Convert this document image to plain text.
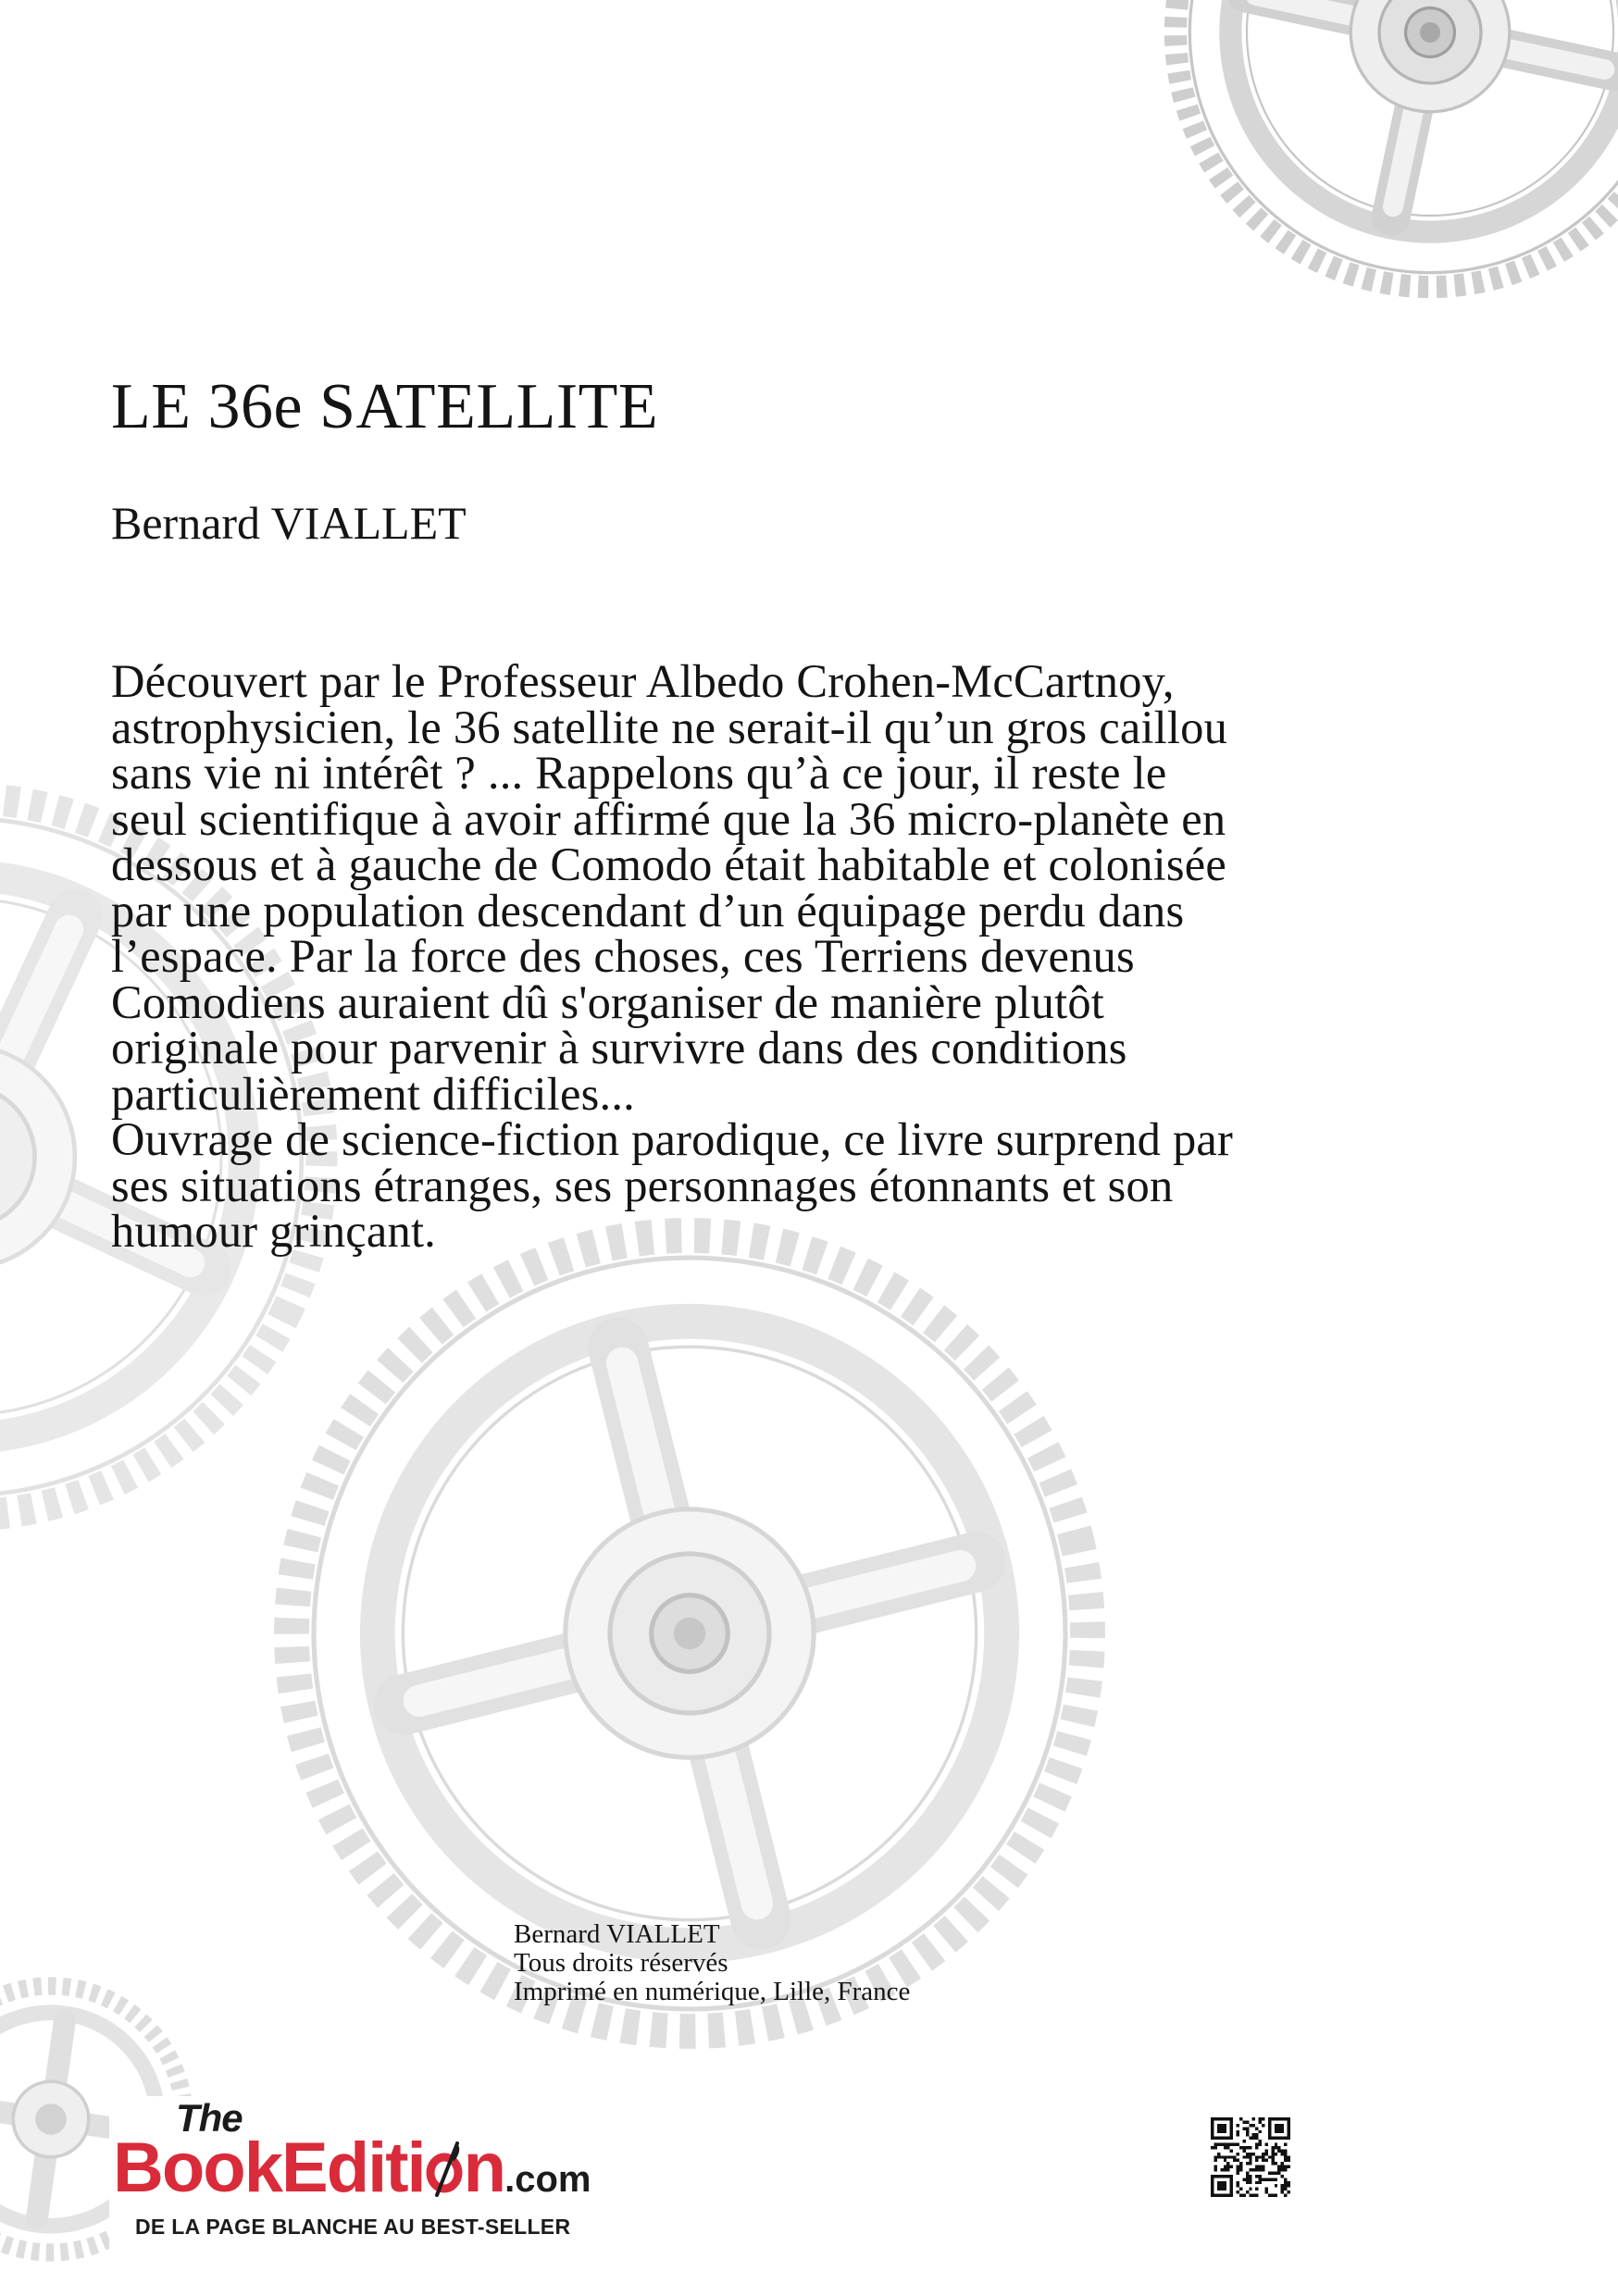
LE 36e SATELLITE
Bernard VIALLET

Découvert par le Professeur Albedo Crohen-McCartnoy, astrophysicien, le 36 satellite ne serait-il qu’un gros caillou sans vie ni intérêt ? ... Rappelons qu’à ce jour, il reste le seul scientifique à avoir affirmé que la 36 micro-planète en dessous et à gauche de Comodo était habitable et colonisée par une population descendant d’un équipage perdu dans l’espace. Par la force des choses, ces Terriens devenus Comodiens auraient dû s'organiser de manière plutôt originale pour parvenir à survivre dans des conditions particulièrement difficiles...

Ouvrage de science-fiction parodique, ce livre surprend par ses situations étranges, ses personnages étonnants et son humour grinçant.

Bernard VIALLET
Tous droits réservés
Imprimé en numérique, Lille, France
The
BookEditi n.com
DE LA PAGE BLANCHE AU BEST-SELLER
